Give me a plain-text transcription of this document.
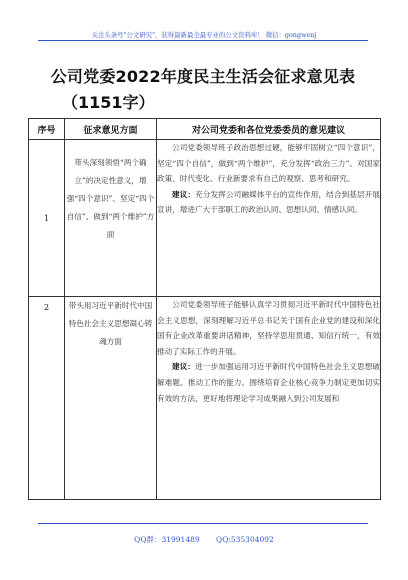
关注头条号"公文研究"，获得最新最全最专业的公文资料库！ 微信：gongwenj
公司党委2022年度民主生活会征求意见表
（1151字）
序号	征求意见方面	对公司党委和各位党委委员的意见建议
1	带头深刻领悟“两个确立”的决定性意义，增强“四个意识”、坚定“四个自信”、做到“两个维护”方面	公司党委领导班子政治思想过硬，能够牢固树立“四个意识”，坚定“四个自信”，做到“两个维护”，充分发挥“政治三力”。对国家政策、时代变化、行业新要求有自己的观察、思考和研究。
建议：充分发挥公司融媒体平台的宣传作用，结合到基层开展宣讲，增进广大干部职工的政治认同、思想认同、情感认同。

2	带头用习近平新时代中国特色社会主义思想凝心铸魂方面	公司党委领导班子能够认真学习贯彻习近平新时代中国特色社会主义思想，深刻理解习近平总书记关于国有企业党的建设和深化国有企业改革重要讲话精神，坚持学思用贯通、知信行统一，有效推动了实际工作的开展。
建议：进一步加强运用习近平新时代中国特色社会主义思想破解难题、推动工作的能力。围绕培育企业核心竞争力制定更加切实有效的方法，更好地将理论学习成果融入到公司发展和
QQ群：31991489 QQ:535304092
